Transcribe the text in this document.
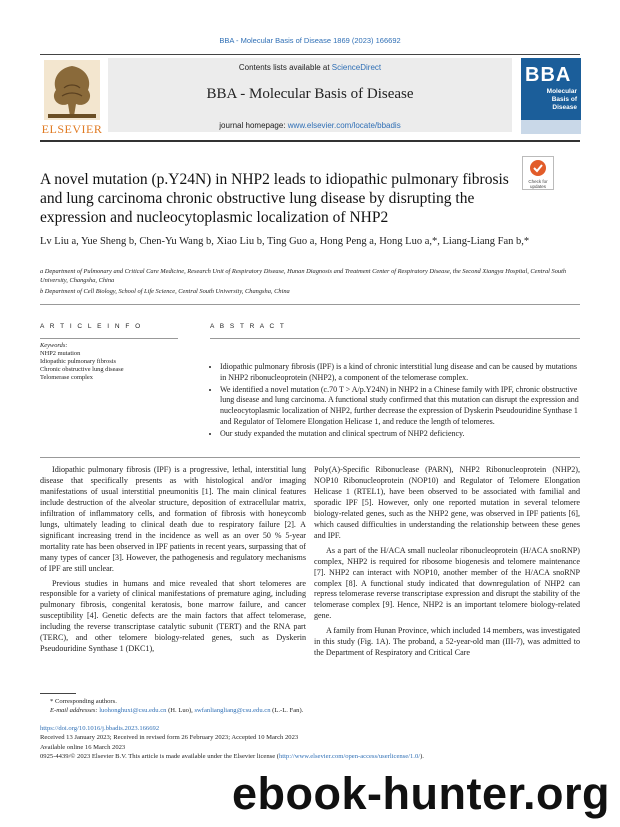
BBA - Molecular Basis of Disease 1869 (2023) 166692
ELSEVIER
Contents lists available at ScienceDirect
BBA - Molecular Basis of Disease
journal homepage: www.elsevier.com/locate/bbadis
BBA
Molecular Basis of Disease
A novel mutation (p.Y24N) in NHP2 leads to idiopathic pulmonary fibrosis and lung carcinoma chronic obstructive lung disease by disrupting the expression and nucleocytoplasmic localization of NHP2
Check for updates
Lv Liu a, Yue Sheng b, Chen-Yu Wang b, Xiao Liu b, Ting Guo a, Hong Peng a, Hong Luo a,*, Liang-Liang Fan b,*
a Department of Pulmonary and Critical Care Medicine, Research Unit of Respiratory Disease, Hunan Diagnosis and Treatment Center of Respiratory Disease, the Second Xiangya Hospital, Central South University, Changsha, China
b Department of Cell Biology, School of Life Science, Central South University, Changsha, China
A R T I C L E I N F O	A B S T R A C T
Keywords:
NHP2 mutation
Idiopathic pulmonary fibrosis
Chronic obstructive lung disease
Telomerase complex
• Idiopathic pulmonary fibrosis (IPF) is a kind of chronic interstitial lung disease and can be caused by mutations in NHP2 ribonucleoprotein (NHP2), a component of the telomerase complex.
• We identified a novel mutation (c.70 T > A/p.Y24N) in NHP2 in a Chinese family with IPF, chronic obstructive lung disease and lung carcinoma. A functional study confirmed that this mutation can disrupt the expression and nucleocytoplasmic localization of NHP2, further decrease the expression of Dyskerin Pseudouridine Synthase 1 and Regulator of Telomere Elongation Helicase 1, and reduce the length of telomeres.
• Our study expanded the mutation and clinical spectrum of NHP2 deficiency.

Idiopathic pulmonary fibrosis (IPF) is a progressive, lethal, interstitial lung disease that specifically presents as with histological and/or imaging manifestations of usual interstitial pneumonitis [1]. The main clinical features include destruction of the alveolar structure, deposition of extracellular matrix, infiltration of inflammatory cells, and formation of fibrosis with honeycomb lungs, ultimately leading to clinical death due to respiratory failure [2]. A significant increasing trend in the incidence as well as an over 50 % 5-year mortality rate has been observed in IPF patients in recent years, surpassing that of many types of cancer [3]. However, the pathogenesis and regulatory mechanisms of IPF are still unclear.

Previous studies in humans and mice revealed that short telomeres are responsible for a variety of clinical manifestations of premature aging, including pulmonary fibrosis, congenital keratosis, bone marrow failure, and cancer susceptibility [4]. Genetic defects are the main factors that affect telomerase, including the reverse transcriptase catalytic subunit (TERT) and the RNA part (TERC), and other telomere biology-related genes, such as Dyskerin Pseudouridine Synthase 1 (DKC1),

Poly(A)-Specific Ribonuclease (PARN), NHP2 Ribonucleoprotein (NHP2), NOP10 Ribonucleoprotein (NOP10) and Regulator of Telomere Elongation Helicase 1 (RTEL1), have been observed to be associated with familial and sporadic IPF [5]. However, only one reported mutation in several telomere biology-related genes, such as the NHP2 gene, was observed in IPF patients [6], which caused difficulties in understanding the relationship between these genes and IPF.

As a part of the H/ACA small nucleolar ribonucleoprotein (H/ACA snoRNP) complex, NHP2 is required for ribosome biogenesis and telomere maintenance [7]. NHP2 can interact with NOP10, another member of the H/ACA snoRNP complex [8]. A functional study indicated that downregulation of NHP2 can repress telomerase reverse transcriptase expression and disrupt the stability of the telomerase complex [9]. Hence, NHP2 is an important telomere biology-related gene.

A family from Hunan Province, which included 14 members, was investigated in this study (Fig. 1A). The proband, a 52-year-old man (III-7), was admitted to the Department of Respiratory and Critical Care

* Corresponding authors.
E-mail addresses: luohonghuxi@csu.edu.cn (H. Luo), swfanliangliang@csu.edu.cn (L.-L. Fan).
https://doi.org/10.1016/j.bbadis.2023.166692
Received 13 January 2023; Received in revised form 26 February 2023; Accepted 10 March 2023
Available online 16 March 2023
0925-4439/© 2023 Elsevier B.V. This article is made available under the Elsevier license (http://www.elsevier.com/open-access/userlicense/1.0/).
ebook-hunter.org
